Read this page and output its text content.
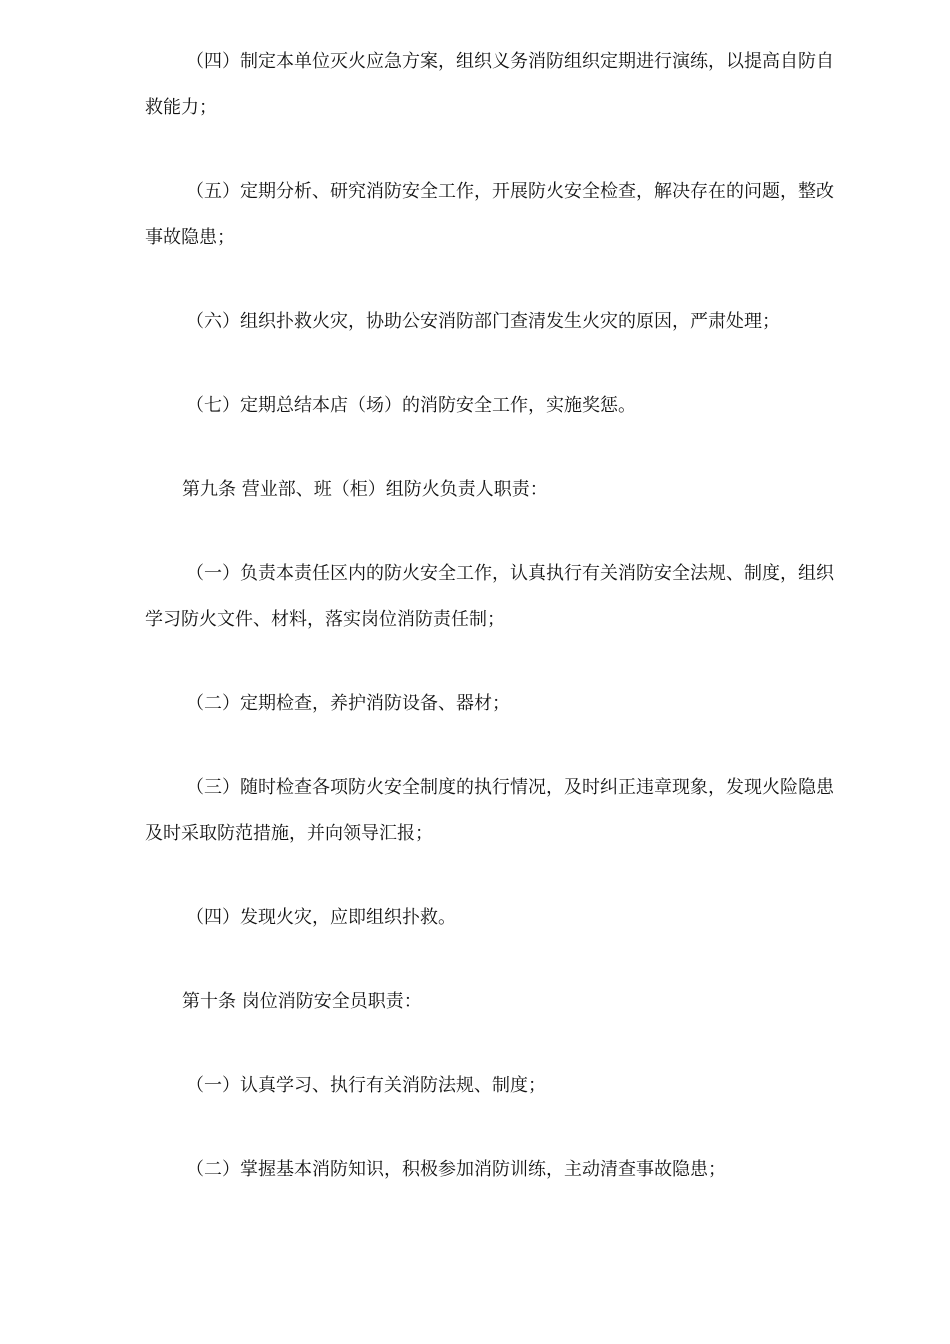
（四）制定本单位灭火应急方案，组织义务消防组织定期进行演练，以提高自防自
救能力；
（五）定期分析、研究消防安全工作，开展防火安全检查，解决存在的问题，整改
事故隐患；
（六）组织扑救火灾，协助公安消防部门查清发生火灾的原因，严肃处理；
（七）定期总结本店（场）的消防安全工作，实施奖惩。
第九条 营业部、班（柜）组防火负责人职责：
（一）负责本责任区内的防火安全工作，认真执行有关消防安全法规、制度，组织
学习防火文件、材料，落实岗位消防责任制；
（二）定期检查，养护消防设备、器材；
（三）随时检查各项防火安全制度的执行情况，及时纠正违章现象，发现火险隐患
及时采取防范措施，并向领导汇报；
（四）发现火灾，应即组织扑救。
第十条 岗位消防安全员职责：
（一）认真学习、执行有关消防法规、制度；
（二）掌握基本消防知识，积极参加消防训练，主动清查事故隐患；
